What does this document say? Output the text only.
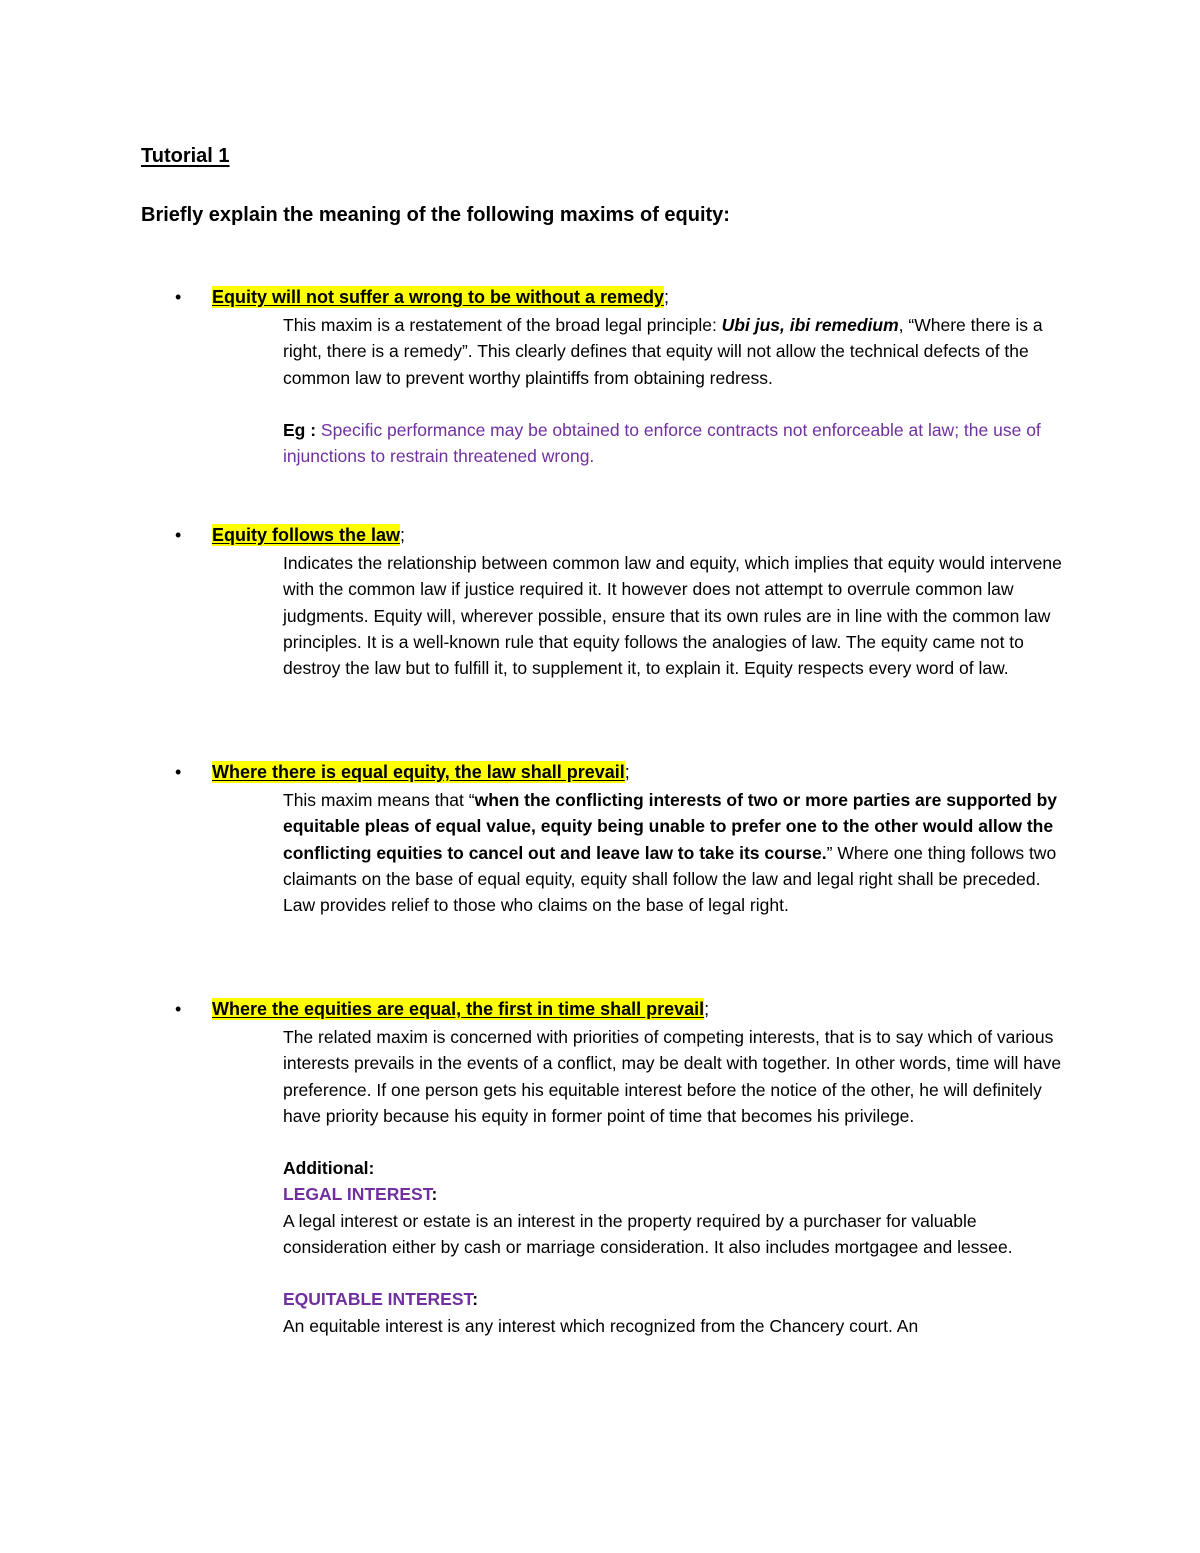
Tutorial 1
Briefly explain the meaning of the following maxims of equity:
• Equity will not suffer a wrong to be without a remedy;

This maxim is a restatement of the broad legal principle: Ubi jus, ibi remedium, “Where there is a right, there is a remedy”. This clearly defines that equity will not allow the technical defects of the common law to prevent worthy plaintiffs from obtaining redress.

Eg : Specific performance may be obtained to enforce contracts not enforceable at law; the use of injunctions to restrain threatened wrong.

• Equity follows the law;

Indicates the relationship between common law and equity, which implies that equity would intervene with the common law if justice required it. It however does not attempt to overrule common law judgments. Equity will, wherever possible, ensure that its own rules are in line with the common law principles. It is a well-known rule that equity follows the analogies of law. The equity came not to destroy the law but to fulfill it, to supplement it, to explain it. Equity respects every word of law.

• Where there is equal equity, the law shall prevail;

This maxim means that “when the conflicting interests of two or more parties are supported by equitable pleas of equal value, equity being unable to prefer one to the other would allow the conflicting equities to cancel out and leave law to take its course.” Where one thing follows two claimants on the base of equal equity, equity shall follow the law and legal right shall be preceded. Law provides relief to those who claims on the base of legal right.

• Where the equities are equal, the first in time shall prevail;

The related maxim is concerned with priorities of competing interests, that is to say which of various interests prevails in the events of a conflict, may be dealt with together. In other words, time will have preference. If one person gets his equitable interest before the notice of the other, he will definitely have priority because his equity in former point of time that becomes his privilege.

Additional:

LEGAL INTEREST:

A legal interest or estate is an interest in the property required by a purchaser for valuable consideration either by cash or marriage consideration. It also includes mortgagee and lessee.

EQUITABLE INTEREST:

An equitable interest is any interest which recognized from the Chancery court. An
